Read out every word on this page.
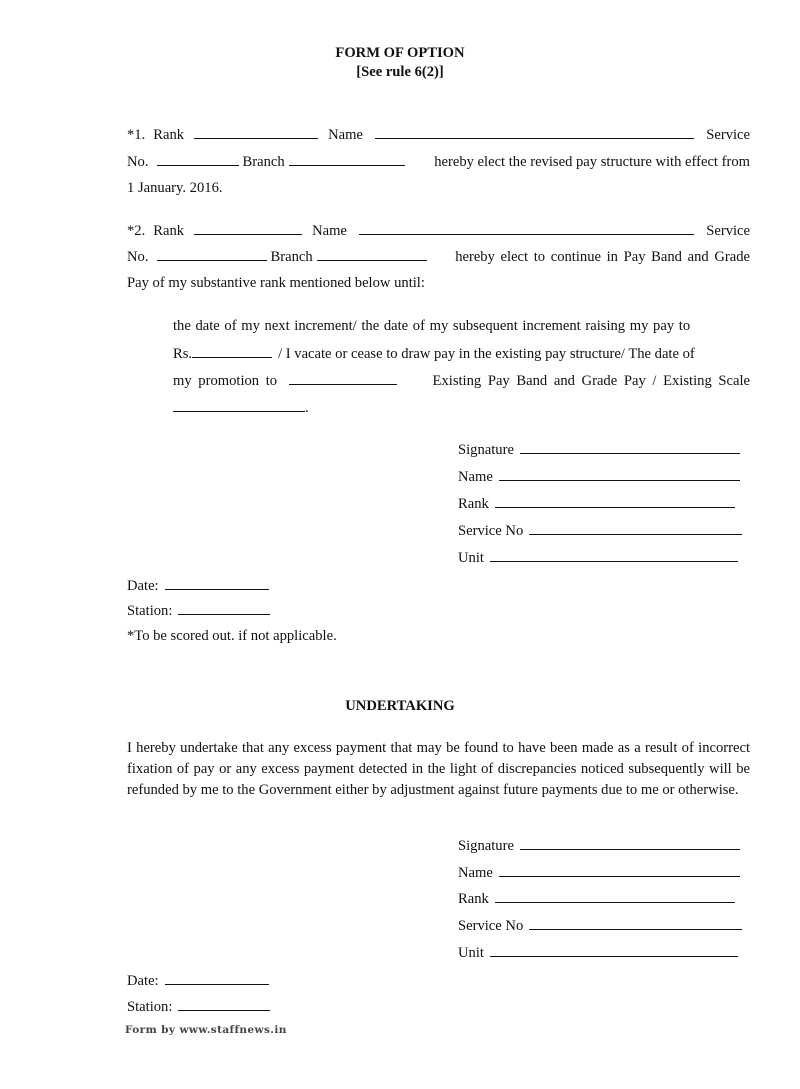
FORM OF OPTION
[See rule 6(2)]
*1. Rank	Name	Service
No.	Branch	hereby elect the revised pay structure with effect from
1 January. 2016.
*2. Rank	Name	Service
No.	Branch	hereby elect to continue in Pay Band and Grade
Pay of my substantive rank mentioned below until:
the date of my next increment/ the date of my subsequent increment raising my pay to
Rs.	/ I vacate or cease to draw pay in the existing pay structure/ The date of
my promotion to	Existing Pay Band and Grade Pay / Existing Scale
.
Signature
Name
Rank
Service No
Unit
Date:
Station:
*To be scored out. if not applicable.
UNDERTAKING
I hereby undertake that any excess payment that may be found to have been made as a result of incorrect fixation of pay or any excess payment detected in the light of discrepancies noticed subsequently will be refunded by me to the Government either by adjustment against future payments due to me or otherwise.
Signature
Name
Rank
Service No
Unit
Date:
Station:
Form by www.staffnews.in
